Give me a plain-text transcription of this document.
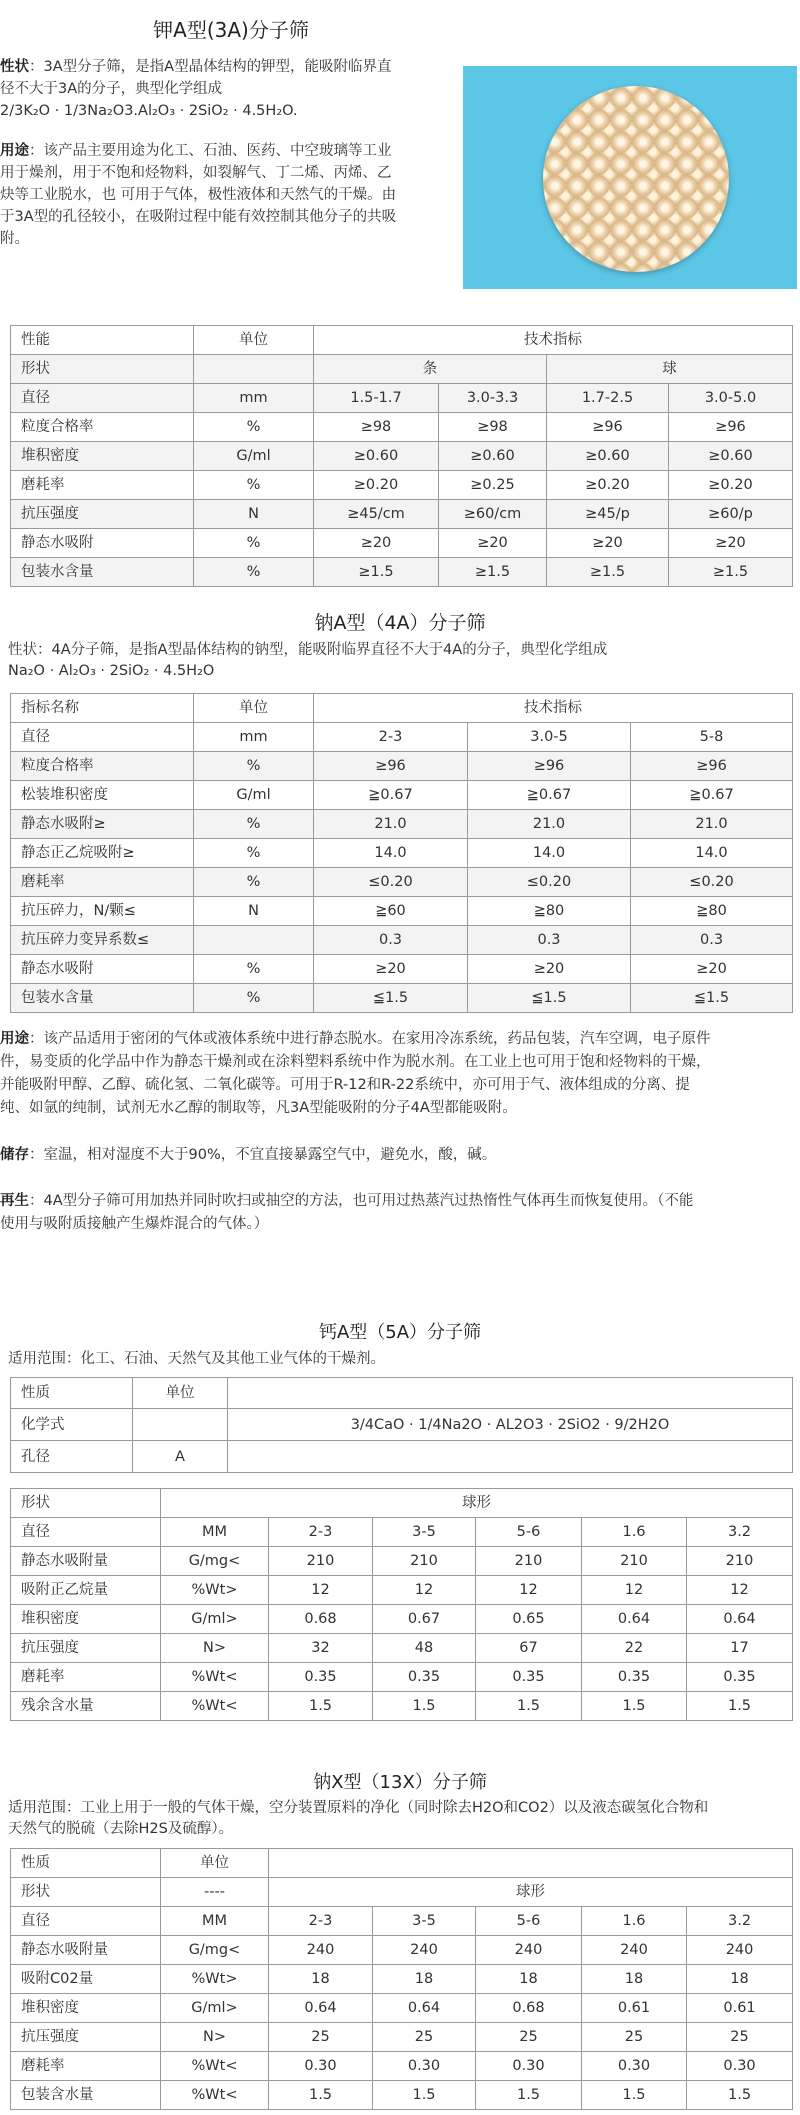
钾A型(3A)分子筛

性状：3A型分子筛，是指A型晶体结构的钾型，能吸附临界直
径不大于3A的分子，典型化学组成
2/3K₂O · 1/3Na₂O3.Al₂O₃ · 2SiO₂ · 4.5H₂O.

用途：该产品主要用途为化工、石油、医药、中空玻璃等工业
用于燥剂，用于不饱和烃物料，如裂解气、丁二烯、丙烯、乙
炔等工业脱水，也 可用于气体，极性液体和天然气的干燥。由
于3A型的孔径较小，在吸附过程中能有效控制其他分子的共吸
附。

性能	单位	技术指标			
形状		条		球	
直径	mm	1.5-1.7	3.0-3.3	1.7-2.5	3.0-5.0
粒度合格率	%	≥98	≥98	≥96	≥96
堆积密度	G/ml	≥0.60	≥0.60	≥0.60	≥0.60
磨耗率	%	≥0.20	≥0.25	≥0.20	≥0.20
抗压强度	N	≥45/cm	≥60/cm	≥45/p	≥60/p
静态水吸附	%	≥20	≥20	≥20	≥20
包装水含量	%	≥1.5	≥1.5	≥1.5	≥1.5
钠A型（4A）分子筛

性状：4A分子筛，是指A型晶体结构的钠型，能吸附临界直径不大于4A的分子，典型化学组成
Na₂O · Al₂O₃ · 2SiO₂ · 4.5H₂O

指标名称	单位	技术指标		
直径	mm	2-3	3.0-5	5-8
粒度合格率	%	≥96	≥96	≥96
松装堆积密度	G/ml	≧0.67	≧0.67	≧0.67
静态水吸附≥	%	21.0	21.0	21.0
静态正乙烷吸附≥	%	14.0	14.0	14.0
磨耗率	%	≤0.20	≤0.20	≤0.20
抗压碎力，N/颗≤	N	≧60	≧80	≧80
抗压碎力变异系数≤		0.3	0.3	0.3
静态水吸附	%	≥20	≥20	≥20
包装水含量	%	≦1.5	≦1.5	≦1.5

用途：该产品适用于密闭的气体或液体系统中进行静态脱水。在家用冷冻系统，药品包装，汽车空调，电子原件
件，易变质的化学品中作为静态干燥剂或在涂料塑料系统中作为脱水剂。在工业上也可用于饱和烃物料的干燥，
并能吸附甲醇、乙醇、硫化氢、二氧化碳等。可用于R-12和R-22系统中，亦可用于气、液体组成的分离、提
纯、如氩的纯制，试剂无水乙醇的制取等，凡3A型能吸附的分子4A型都能吸附。

储存：室温，相对湿度不大于90%，不宜直接暴露空气中，避免水，酸，碱。

再生：4A型分子筛可用加热并同时吹扫或抽空的方法，也可用过热蒸汽过热惰性气体再生而恢复使用。（不能
使用与吸附质接触产生爆炸混合的气体。）

钙A型（5A）分子筛
适用范围：化工、石油、天然气及其他工业气体的干燥剂。
性质	单位	
化学式		3/4CaO · 1/4Na2O · AL2O3 · 2SiO2 · 9/2H2O
孔径	A	
形状	球形					
直径	MM	2-3	3-5	5-6	1.6	3.2
静态水吸附量	G/mg<	210	210	210	210	210
吸附正乙烷量	%Wt>	12	12	12	12	12
堆积密度	G/ml>	0.68	0.67	0.65	0.64	0.64
抗压强度	N>	32	48	67	22	17
磨耗率	%Wt<	0.35	0.35	0.35	0.35	0.35
残余含水量	%Wt<	1.5	1.5	1.5	1.5	1.5
钠X型（13X）分子筛

适用范围：工业上用于一般的气体干燥，空分装置原料的净化（同时除去H2O和CO2）以及液态碳氢化合物和
天然气的脱硫（去除H2S及硫醇）。

性质	单位					
形状	----	球形				
直径	MM	2-3	3-5	5-6	1.6	3.2
静态水吸附量	G/mg<	240	240	240	240	240
吸附C02量	%Wt>	18	18	18	18	18
堆积密度	G/ml>	0.64	0.64	0.68	0.61	0.61
抗压强度	N>	25	25	25	25	25
磨耗率	%Wt<	0.30	0.30	0.30	0.30	0.30
包装含水量	%Wt<	1.5	1.5	1.5	1.5	1.5
